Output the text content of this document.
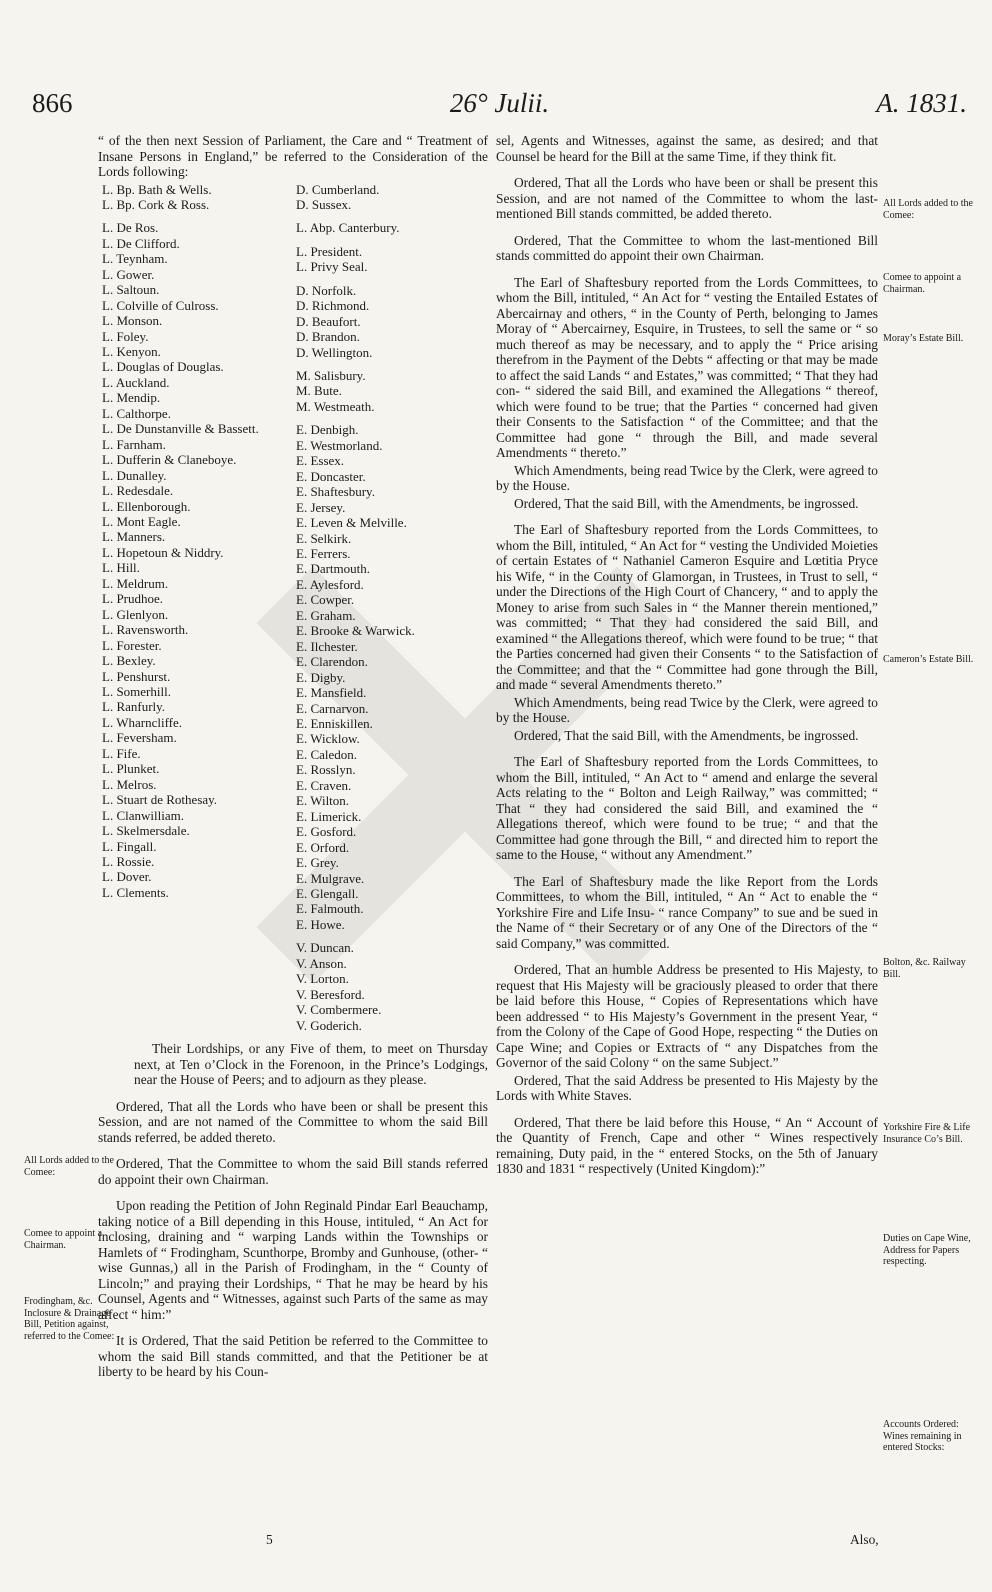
866	26° Julii.	A. 1831.

“ of the then next Session of Parliament, the Care and “ Treatment of Insane Persons in England,” be referred to the Consideration of the Lords following:

L. Bp. Bath & Wells.
L. Bp. Cork & Ross.
L. De Ros.
L. De Clifford.
L. Teynham.
L. Gower.
L. Saltoun.
L. Colville of Culross.
L. Monson.
L. Foley.
L. Kenyon.
L. Douglas of Douglas.
L. Auckland.
L. Mendip.
L. Calthorpe.
L. De Dunstanville & Bassett.
L. Farnham.
L. Dufferin & Claneboye.
L. Dunalley.
L. Redesdale.
L. Ellenborough.
L. Mont Eagle.
L. Manners.
L. Hopetoun & Niddry.
L. Hill.
L. Meldrum.
L. Prudhoe.
L. Glenlyon.
L. Ravensworth.
L. Forester.
L. Bexley.
L. Penshurst.
L. Somerhill.
L. Ranfurly.
L. Wharncliffe.
L. Feversham.
L. Fife.
L. Plunket.
L. Melros.
L. Stuart de Rothesay.
L. Clanwilliam.
L. Skelmersdale.
L. Fingall.
L. Rossie.
L. Dover.
L. Clements.
D. Cumberland.
D. Sussex.
L. Abp. Canterbury.
L. President.
L. Privy Seal.
D. Norfolk.
D. Richmond.
D. Beaufort.
D. Brandon.
D. Wellington.
M. Salisbury.
M. Bute.
M. Westmeath.
E. Denbigh.
E. Westmorland.
E. Essex.
E. Doncaster.
E. Shaftesbury.
E. Jersey.
E. Leven & Melville.
E. Selkirk.
E. Ferrers.
E. Dartmouth.
E. Aylesford.
E. Cowper.
E. Graham.
E. Brooke & Warwick.
E. Ilchester.
E. Clarendon.
E. Digby.
E. Mansfield.
E. Carnarvon.
E. Enniskillen.
E. Wicklow.
E. Caledon.
E. Rosslyn.
E. Craven.
E. Wilton.
E. Limerick.
E. Gosford.
E. Orford.
E. Grey.
E. Mulgrave.
E. Glengall.
E. Falmouth.
E. Howe.
V. Duncan.
V. Anson.
V. Lorton.
V. Beresford.
V. Combermere.
V. Goderich.

Their Lordships, or any Five of them, to meet on Thursday next, at Ten o’Clock in the Forenoon, in the Prince’s Lodgings, near the House of Peers; and to adjourn as they please.

Ordered, That all the Lords who have been or shall be present this Session, and are not named of the Committee to whom the said Bill stands referred, be added thereto.

Ordered, That the Committee to whom the said Bill stands referred do appoint their own Chairman.

Upon reading the Petition of John Reginald Pindar Earl Beauchamp, taking notice of a Bill depending in this House, intituled, “ An Act for inclosing, draining and “ warping Lands within the Townships or Hamlets of “ Frodingham, Scunthorpe, Bromby and Gunhouse, (other- “ wise Gunnas,) all in the Parish of Frodingham, in the “ County of Lincoln;” and praying their Lordships, “ That he may be heard by his Counsel, Agents and “ Witnesses, against such Parts of the same as may affect “ him:”

It is Ordered, That the said Petition be referred to the Committee to whom the said Bill stands committed, and that the Petitioner be at liberty to be heard by his Coun-

sel, Agents and Witnesses, against the same, as desired; and that Counsel be heard for the Bill at the same Time, if they think fit.

Ordered, That all the Lords who have been or shall be present this Session, and are not named of the Committee to whom the last-mentioned Bill stands committed, be added thereto.

Ordered, That the Committee to whom the last-mentioned Bill stands committed do appoint their own Chairman.

The Earl of Shaftesbury reported from the Lords Committees, to whom the Bill, intituled, “ An Act for “ vesting the Entailed Estates of Abercairnay and others, “ in the County of Perth, belonging to James Moray of “ Abercairney, Esquire, in Trustees, to sell the same or “ so much thereof as may be necessary, and to apply the “ Price arising therefrom in the Payment of the Debts “ affecting or that may be made to affect the said Lands “ and Estates,” was committed; “ That they had con- “ sidered the said Bill, and examined the Allegations “ thereof, which were found to be true; that the Parties “ concerned had given their Consents to the Satisfaction “ of the Committee; and that the Committee had gone “ through the Bill, and made several Amendments “ thereto.”

Which Amendments, being read Twice by the Clerk, were agreed to by the House.

Ordered, That the said Bill, with the Amendments, be ingrossed.

The Earl of Shaftesbury reported from the Lords Committees, to whom the Bill, intituled, “ An Act for “ vesting the Undivided Moieties of certain Estates of “ Nathaniel Cameron Esquire and Lœtitia Pryce his Wife, “ in the County of Glamorgan, in Trustees, in Trust to sell, “ under the Directions of the High Court of Chancery, “ and to apply the Money to arise from such Sales in “ the Manner therein mentioned,” was committed; “ That they had considered the said Bill, and examined “ the Allegations thereof, which were found to be true; “ that the Parties concerned had given their Consents “ to the Satisfaction of the Committee; and that the “ Committee had gone through the Bill, and made “ several Amendments thereto.”

Which Amendments, being read Twice by the Clerk, were agreed to by the House.

Ordered, That the said Bill, with the Amendments, be ingrossed.

The Earl of Shaftesbury reported from the Lords Committees, to whom the Bill, intituled, “ An Act to “ amend and enlarge the several Acts relating to the “ Bolton and Leigh Railway,” was committed; “ That “ they had considered the said Bill, and examined the “ Allegations thereof, which were found to be true; “ and that the Committee had gone through the Bill, “ and directed him to report the same to the House, “ without any Amendment.”

The Earl of Shaftesbury made the like Report from the Lords Committees, to whom the Bill, intituled, “ An “ Act to enable the “ Yorkshire Fire and Life Insu- “ rance Company” to sue and be sued in the Name of “ their Secretary or of any One of the Directors of the “ said Company,” was committed.

Ordered, That an humble Address be presented to His Majesty, to request that His Majesty will be graciously pleased to order that there be laid before this House, “ Copies of Representations which have been addressed “ to His Majesty’s Government in the present Year, “ from the Colony of the Cape of Good Hope, respecting “ the Duties on Cape Wine; and Copies or Extracts of “ any Dispatches from the Governor of the said Colony “ on the same Subject.”

Ordered, That the said Address be presented to His Majesty by the Lords with White Staves.

Ordered, That there be laid before this House, “ An “ Account of the Quantity of French, Cape and other “ Wines respectively remaining, Duty paid, in the “ entered Stocks, on the 5th of January 1830 and 1831 “ respectively (United Kingdom):”

All Lords added to the Comee:
Comee to appoint a Chairman.
Frodingham, &c. Inclosure & Drainage Bill, Petition against, referred to the Comee:
All Lords added to the Comee:
Comee to appoint a Chairman.
Moray’s Estate Bill.
Cameron’s Estate Bill.
Bolton, &c. Railway Bill.
Yorkshire Fire & Life Insurance Co’s Bill.
Duties on Cape Wine, Address for Papers respecting.
Accounts Ordered: Wines remaining in entered Stocks:
5	Also,
